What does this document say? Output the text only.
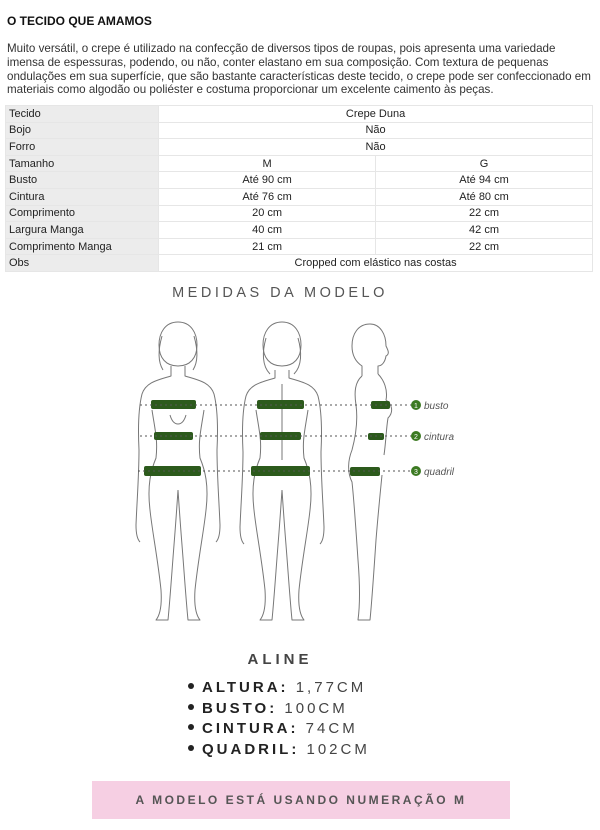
O TECIDO QUE AMAMOS
Muito versátil, o crepe é utilizado na confecção de diversos tipos de roupas, pois apresenta uma variedade imensa de espessuras, podendo, ou não, conter elastano em sua composição. Com textura de pequenas ondulações em sua superfície, que são bastante características deste tecido, o crepe pode ser confeccionado em materiais como algodão ou poliéster e costuma proporcionar um excelente caimento às peças.
Tecido	Crepe Duna	
Bojo	Não	
Forro	Não	
Tamanho	M	G
Busto	Até 90 cm	Até 94 cm
Cintura	Até 76 cm	Até 80 cm
Comprimento	20 cm	22 cm
Largura Manga	40 cm	42 cm
Comprimento Manga	21 cm	22 cm
Obs	Cropped com elástico nas costas	
MEDIDAS DA MODELO
1 busto
2 cintura
3 quadril
ALINE
ALTURA: 1,77CM
BUSTO: 100CM
CINTURA: 74CM
QUADRIL: 102CM
A MODELO ESTÁ USANDO NUMERAÇÃO M
